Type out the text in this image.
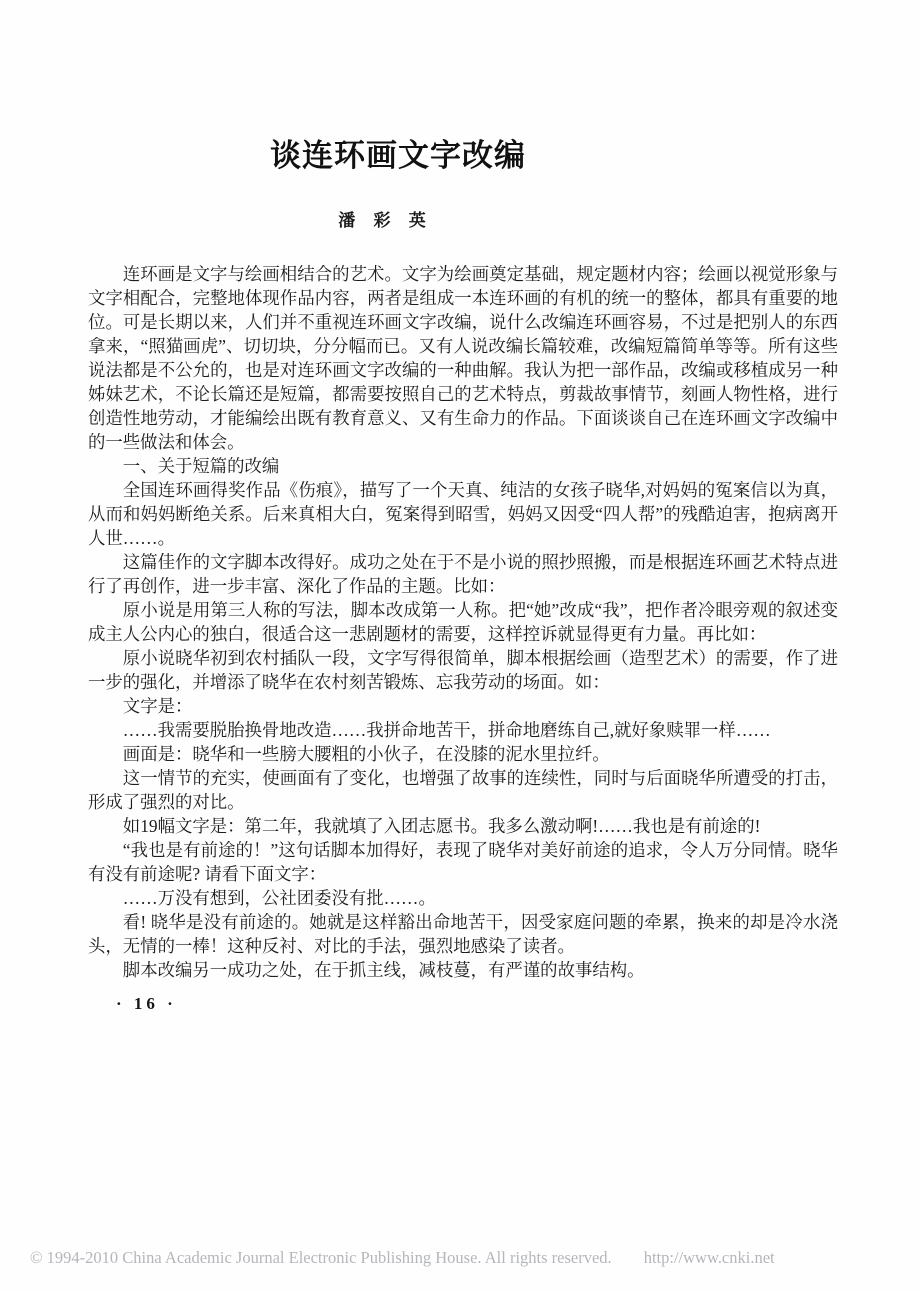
谈连环画文字改编
潘 彩 英

连环画是文字与绘画相结合的艺术。文字为绘画奠定基础，规定题材内容；绘画以视觉形象与文字相配合，完整地体现作品内容，两者是组成一本连环画的有机的统一的整体，都具有重要的地位。可是长期以来，人们并不重视连环画文字改编，说什么改编连环画容易，不过是把别人的东西拿来，“照猫画虎”、切切块，分分幅而已。又有人说改编长篇较难，改编短篇简单等等。所有这些说法都是不公允的，也是对连环画文字改编的一种曲解。我认为把一部作品，改编或移植成另一种姊妹艺术，不论长篇还是短篇，都需要按照自己的艺术特点，剪裁故事情节，刻画人物性格，进行创造性地劳动，才能编绘出既有教育意义、又有生命力的作品。下面谈谈自己在连环画文字改编中的一些做法和体会。

一、关于短篇的改编

全国连环画得奖作品《伤痕》，描写了一个天真、纯洁的女孩子晓华,对妈妈的冤案信以为真，从而和妈妈断绝关系。后来真相大白，冤案得到昭雪，妈妈又因受“四人帮”的残酷迫害，抱病离开人世……。

这篇佳作的文字脚本改得好。成功之处在于不是小说的照抄照搬，而是根据连环画艺术特点进行了再创作，进一步丰富、深化了作品的主题。比如：

原小说是用第三人称的写法，脚本改成第一人称。把“她”改成“我”，把作者冷眼旁观的叙述变成主人公内心的独白，很适合这一悲剧题材的需要，这样控诉就显得更有力量。再比如：

原小说晓华初到农村插队一段，文字写得很简单，脚本根据绘画（造型艺术）的需要，作了进一步的强化，并增添了晓华在农村刻苦锻炼、忘我劳动的场面。如：

文字是：

……我需要脱胎换骨地改造……我拼命地苦干，拼命地磨练自己,就好象赎罪一样……

画面是：晓华和一些膀大腰粗的小伙子，在没膝的泥水里拉纤。

这一情节的充实，使画面有了变化，也增强了故事的连续性，同时与后面晓华所遭受的打击，形成了强烈的对比。

如19幅文字是：第二年，我就填了入团志愿书。我多么激动啊!……我也是有前途的!

“我也是有前途的！”这句话脚本加得好，表现了晓华对美好前途的追求，令人万分同情。晓华有没有前途呢? 请看下面文字：

……万没有想到，公社团委没有批……。

看! 晓华是没有前途的。她就是这样豁出命地苦干，因受家庭问题的牵累，换来的却是冷水浇头，无情的一棒！这种反衬、对比的手法，强烈地感染了读者。

脚本改编另一成功之处，在于抓主线，减枝蔓，有严谨的故事结构。

· 16 ·
© 1994-2010 China Academic Journal Electronic Publishing House. All rights reserved. http://www.cnki.net
